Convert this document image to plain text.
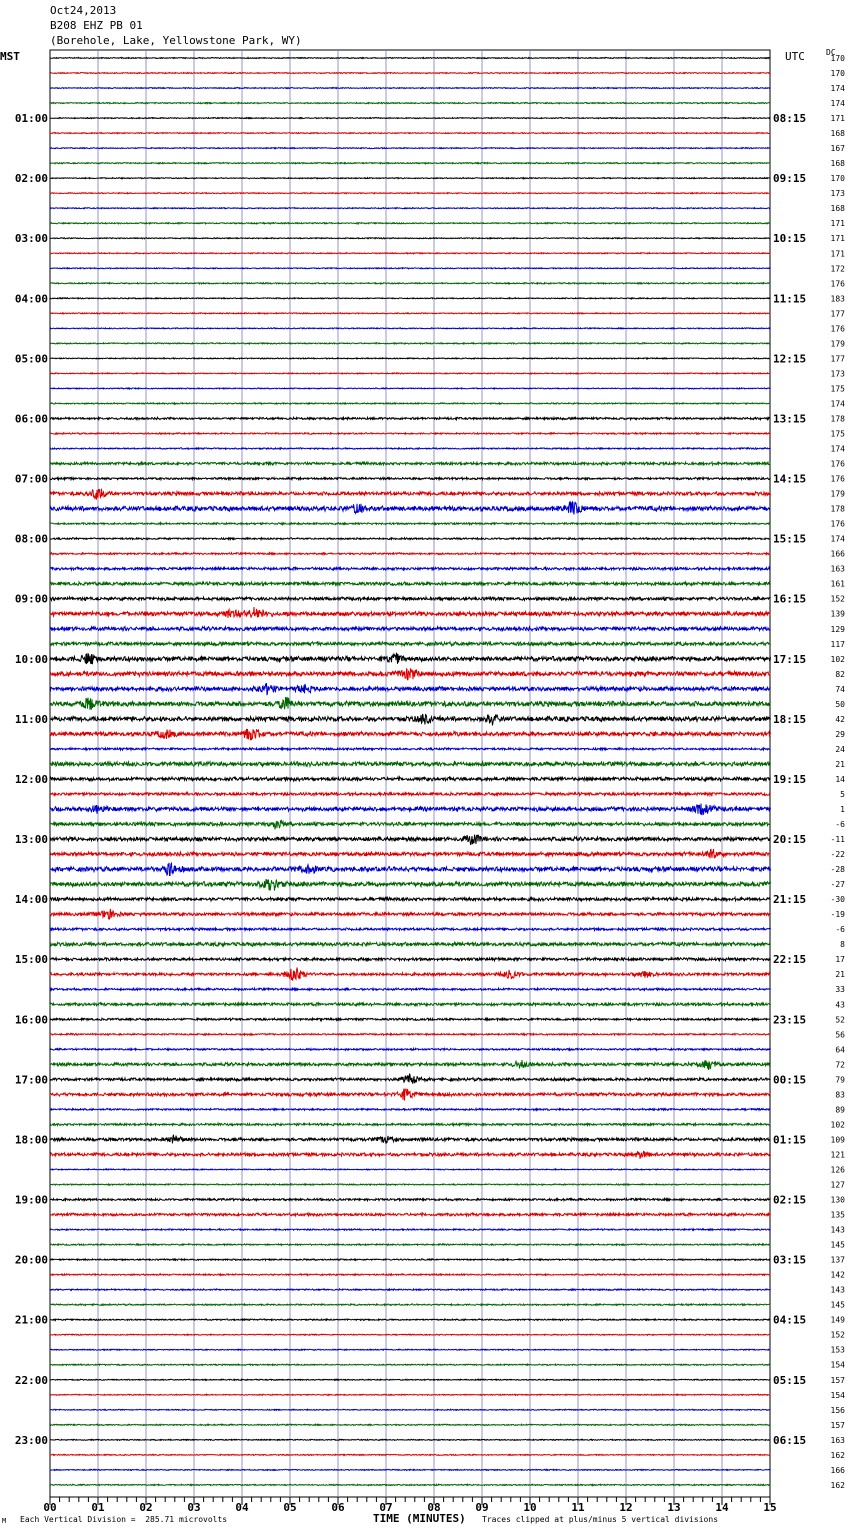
Oct24,2013
B208 EHZ PB 01
(Borehole, Lake, Yellowstone Park, WY)
MST	UTC	DC
170
170
174
174
171
168
167
168
170
173
168
171
171
171
172
176
183
177
176
179
177
173
175
174
178
175
174
176
176
179
178
176
174
166
163
161
152
139
129
117
102
82
74
50
42
29
24
21
14
5
1
-6
-11
-22
-28
-27
-30
-19
-6
8
17
21
33
43
52
56
64
72
79
83
89
102
109
121
126
127
130
135
143
145
137
142
143
145
149
152
153
154
157
154
156
157
163
162
166
162
01:00	08:15
02:00	09:15
03:00	10:15
04:00	11:15
05:00	12:15
06:00	13:15
07:00	14:15
08:00	15:15
09:00	16:15
10:00	17:15
11:00	18:15
12:00	19:15
13:00	20:15
14:00	21:15
15:00	22:15
16:00	23:15
17:00	00:15
18:00	01:15
19:00	02:15
20:00	03:15
21:00	04:15
22:00	05:15
23:00	06:15
00	01	02	03	04	05	06	07	08	09	10	11	12	13	14	15
M Each Vertical Division =  285.71 microvolts	TIME (MINUTES) Traces clipped at plus/minus 5 vertical divisions
